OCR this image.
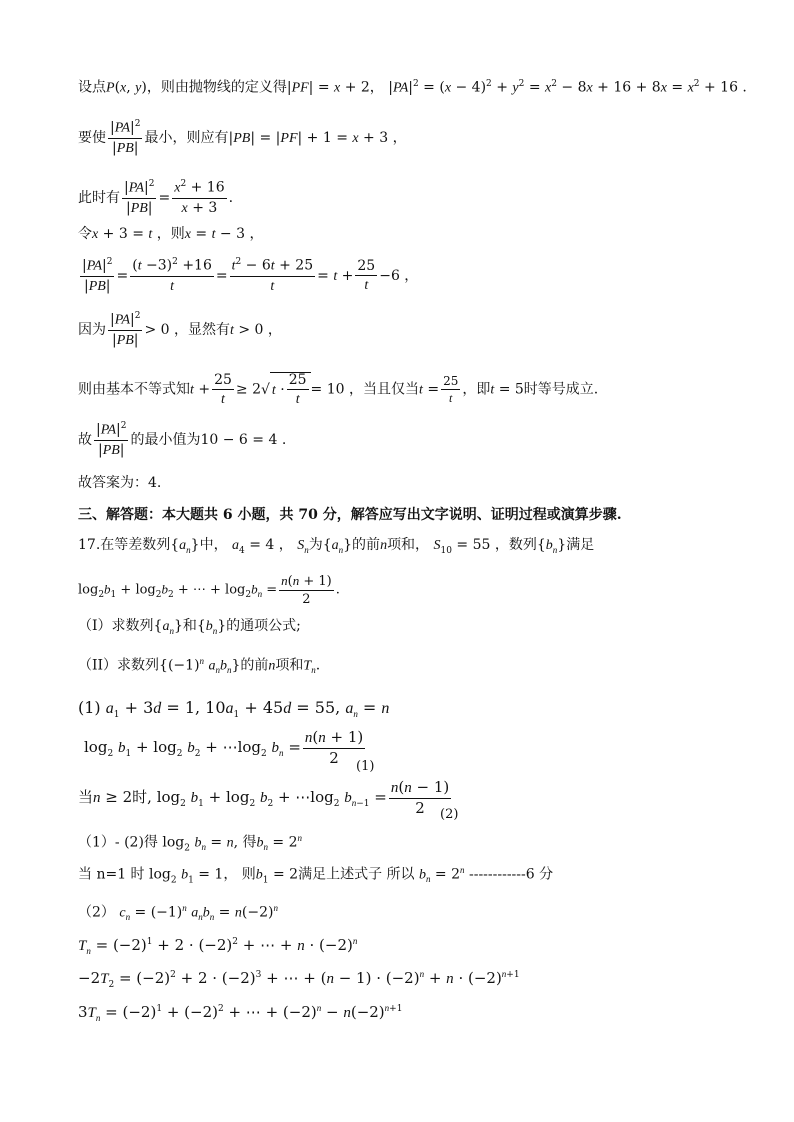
设点P(x, y)，则由抛物线的定义得|PF| = x + 2， $|PA|^2 = (x - 4)^2 + y^2 = x^2 - 8x + 16 + 8x = x^2 + 16$ .
要使 $\frac{|PA|^2}{|PB|}$ 最小，则应有|PB| = |PF| + 1 = x + 3 ，
此时有 $\frac{|PA|^2}{|PB|} = \frac{x^2 + 16}{x + 3}$ .
令x + 3 = t ，则x = t − 3 ，
$\frac{|PA|^2}{|PB|} = \frac{(t -3)^2 +16}{t} = \frac{t^2 - 6t + 25}{t} = t + \frac{25}{t} -6$ ，
因为 $\frac{|PA|^2}{|PB|} > 0$ ，显然有t > 0 ，
则由基本不等式知$t + \frac{25}{t} \ge 2√$ $t \cdot \frac{25}{t} = 10$ ，当且仅当$t = \frac{25}{t}$ ，即t = 5时等号成立.
故 $\frac{|PA|^2}{|PB|}$ 的最小值为10 − 6 = 4 .
故答案为：4.
三、解答题：本大题共 6 小题，共 70 分，解答应写出文字说明、证明过程或演算步骤.
17.在等差数列$\{a_n\}$中， $a_4 = 4$ ， $S_n$为$\{a_n\}$的前n项和， $S_{10} = 55$ ，数列$\{b_n\}$满足
$\log_2b_1 + \log_2b_2$ + ⋯ + $\log_2b_n = \frac{n(n + 1)}{2}$ .
（I）求数列$\{a_n\}$和$\{b_n\}$的通项公式;
（II）求数列{$(-1)^n$ $a_nb_n$}的前n项和$T_n$.
(1) $a_1 + 3d = 1$, $10a_1 + 45d = 55$, $a_n = n$
$\log_2 b_1 + \log_2 b_2$ + $\cdots\log_2$ $b_n = \frac{n(n + 1)}{2}$
(1)
当n ≥ 2时, $\log_2 b_1 + \log_2 b_2$ + $\cdots\log_2$ $b_{n-1} = \frac{n(n - 1)}{2}$
(2)
（1）- (2)得 $\log_2 b_n = n$, 得$b_n = 2^n$
当 n=1 时 $\log_2 b_1 = 1$， 则$b_1 = 2$满足上述式子 所以 $b_n = 2^n$ ------------6 分
（2） $c_n = (-1)^n$ $a_nb_n = n(-2)^n$
$T_n = (-2)^1 + 2 \cdot (-2)^2$ + ⋯ + $n \cdot (-2)^n$
$-2T_2 = (-2)^2 + 2 \cdot (-2)^3$ + ⋯ + $(n - 1) \cdot (-2)^n + n \cdot (-2)^{n+1}$
$3T_n = (-2)^1 + (-2)^2$ + ⋯ + $(-2)^n - n(-2)^{n+1}$
